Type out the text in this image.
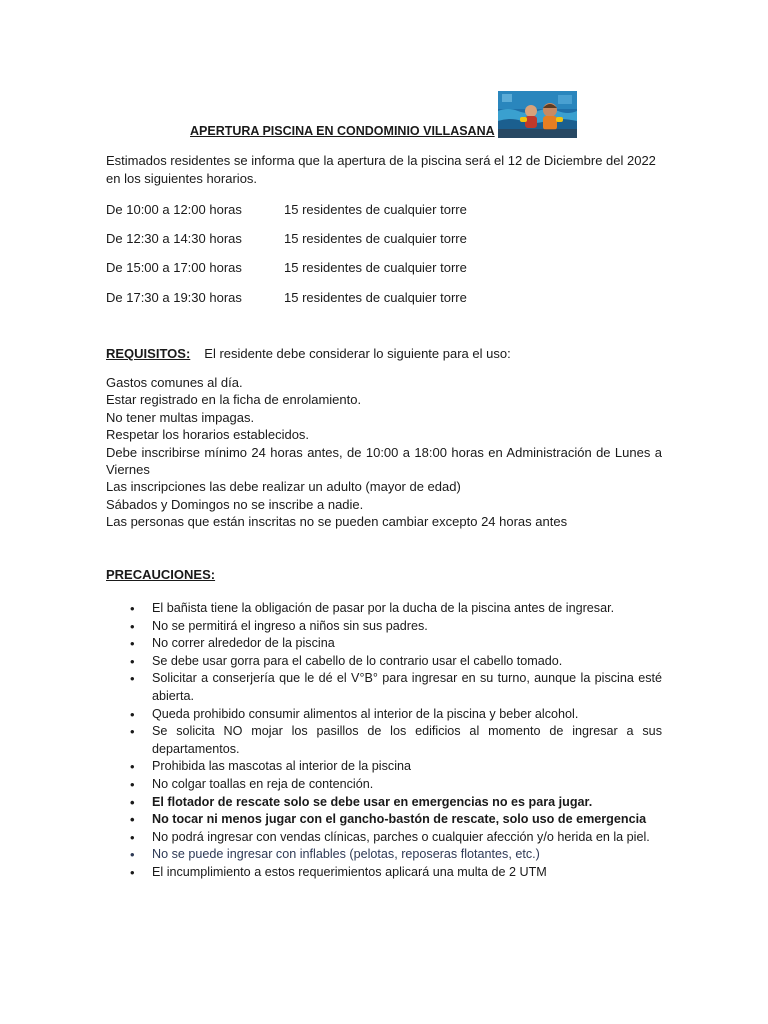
APERTURA PISCINA EN CONDOMINIO VILLASANA
Estimados residentes se informa que la apertura de la piscina será el 12 de Diciembre del 2022 en los siguientes horarios.
De 10:00 a 12:00 horas	15 residentes de cualquier torre
De 12:30 a 14:30 horas	15 residentes de cualquier torre
De 15:00 a 17:00 horas	15 residentes de cualquier torre
De 17:30 a 19:30 horas	15 residentes de cualquier torre
REQUISITOS: El residente debe considerar lo siguiente para el uso:
Gastos comunes al día.
Estar registrado en la ficha de enrolamiento.
No tener multas impagas.
Respetar los horarios establecidos.
Debe inscribirse mínimo 24 horas antes, de 10:00 a 18:00 horas en Administración de Lunes a Viernes
Las inscripciones las debe realizar un adulto (mayor de edad)
Sábados y Domingos no se inscribe a nadie.
Las personas que están inscritas no se pueden cambiar excepto 24 horas antes
PRECAUCIONES:
• El bañista tiene la obligación de pasar por la ducha de la piscina antes de ingresar.
• No se permitirá el ingreso a niños sin sus padres.
• No correr alrededor de la piscina
• Se debe usar gorra para el cabello de lo contrario usar el cabello tomado.
• Solicitar a conserjería que le dé el V°B° para ingresar en su turno, aunque la piscina esté abierta.
• Queda prohibido consumir alimentos al interior de la piscina y beber alcohol.
• Se solicita NO mojar los pasillos de los edificios al momento de ingresar a sus departamentos.
• Prohibida las mascotas al interior de la piscina
• No colgar toallas en reja de contención.
• El flotador de rescate solo se debe usar en emergencias no es para jugar.
• No tocar ni menos jugar con el gancho-bastón de rescate, solo uso de emergencia
• No podrá ingresar con vendas clínicas, parches o cualquier afección y/o herida en la piel.
• No se puede ingresar con inflables (pelotas, reposeras flotantes, etc.)
• El incumplimiento a estos requerimientos aplicará una multa de 2 UTM
